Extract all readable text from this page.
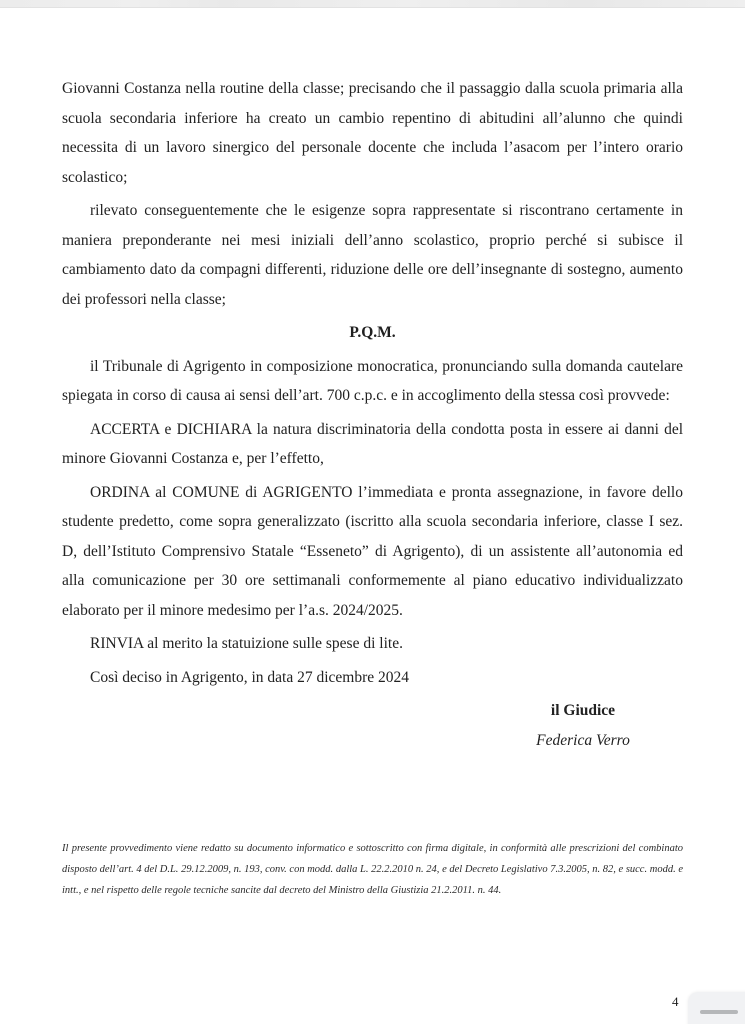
Giovanni Costanza nella routine della classe; precisando che il passaggio dalla scuola primaria alla scuola secondaria inferiore ha creato un cambio repentino di abitudini all’alunno che quindi necessita di un lavoro sinergico del personale docente che includa l’asacom per l’intero orario scolastico;

rilevato conseguentemente che le esigenze sopra rappresentate si riscontrano certamente in maniera preponderante nei mesi iniziali dell’anno scolastico, proprio perché si subisce il cambiamento dato da compagni differenti, riduzione delle ore dell’insegnante di sostegno, aumento dei professori nella classe;

P.Q.M.

il Tribunale di Agrigento in composizione monocratica, pronunciando sulla domanda cautelare spiegata in corso di causa ai sensi dell’art. 700 c.p.c. e in accoglimento della stessa così provvede:

ACCERTA e DICHIARA la natura discriminatoria della condotta posta in essere ai danni del minore Giovanni Costanza e, per l’effetto,

ORDINA al COMUNE di AGRIGENTO l’immediata e pronta assegnazione, in favore dello studente predetto, come sopra generalizzato (iscritto alla scuola secondaria inferiore, classe I sez. D, dell’Istituto Comprensivo Statale “Esseneto” di Agrigento), di un assistente all’autonomia ed alla comunicazione per 30 ore settimanali conformemente al piano educativo individualizzato elaborato per il minore medesimo per l’a.s. 2024/2025.

RINVIA al merito la statuizione sulle spese di lite.

Così deciso in Agrigento, in data 27 dicembre 2024

il Giudice
Federica Verro
Il presente provvedimento viene redatto su documento informatico e sottoscritto con firma digitale, in conformità alle prescrizioni del combinato disposto dell’art. 4 del D.L. 29.12.2009, n. 193, conv. con modd. dalla L. 22.2.2010 n. 24, e del Decreto Legislativo 7.3.2005, n. 82, e succ. modd. e intt., e nel rispetto delle regole tecniche sancite dal decreto del Ministro della Giustizia 21.2.2011. n. 44.
4
